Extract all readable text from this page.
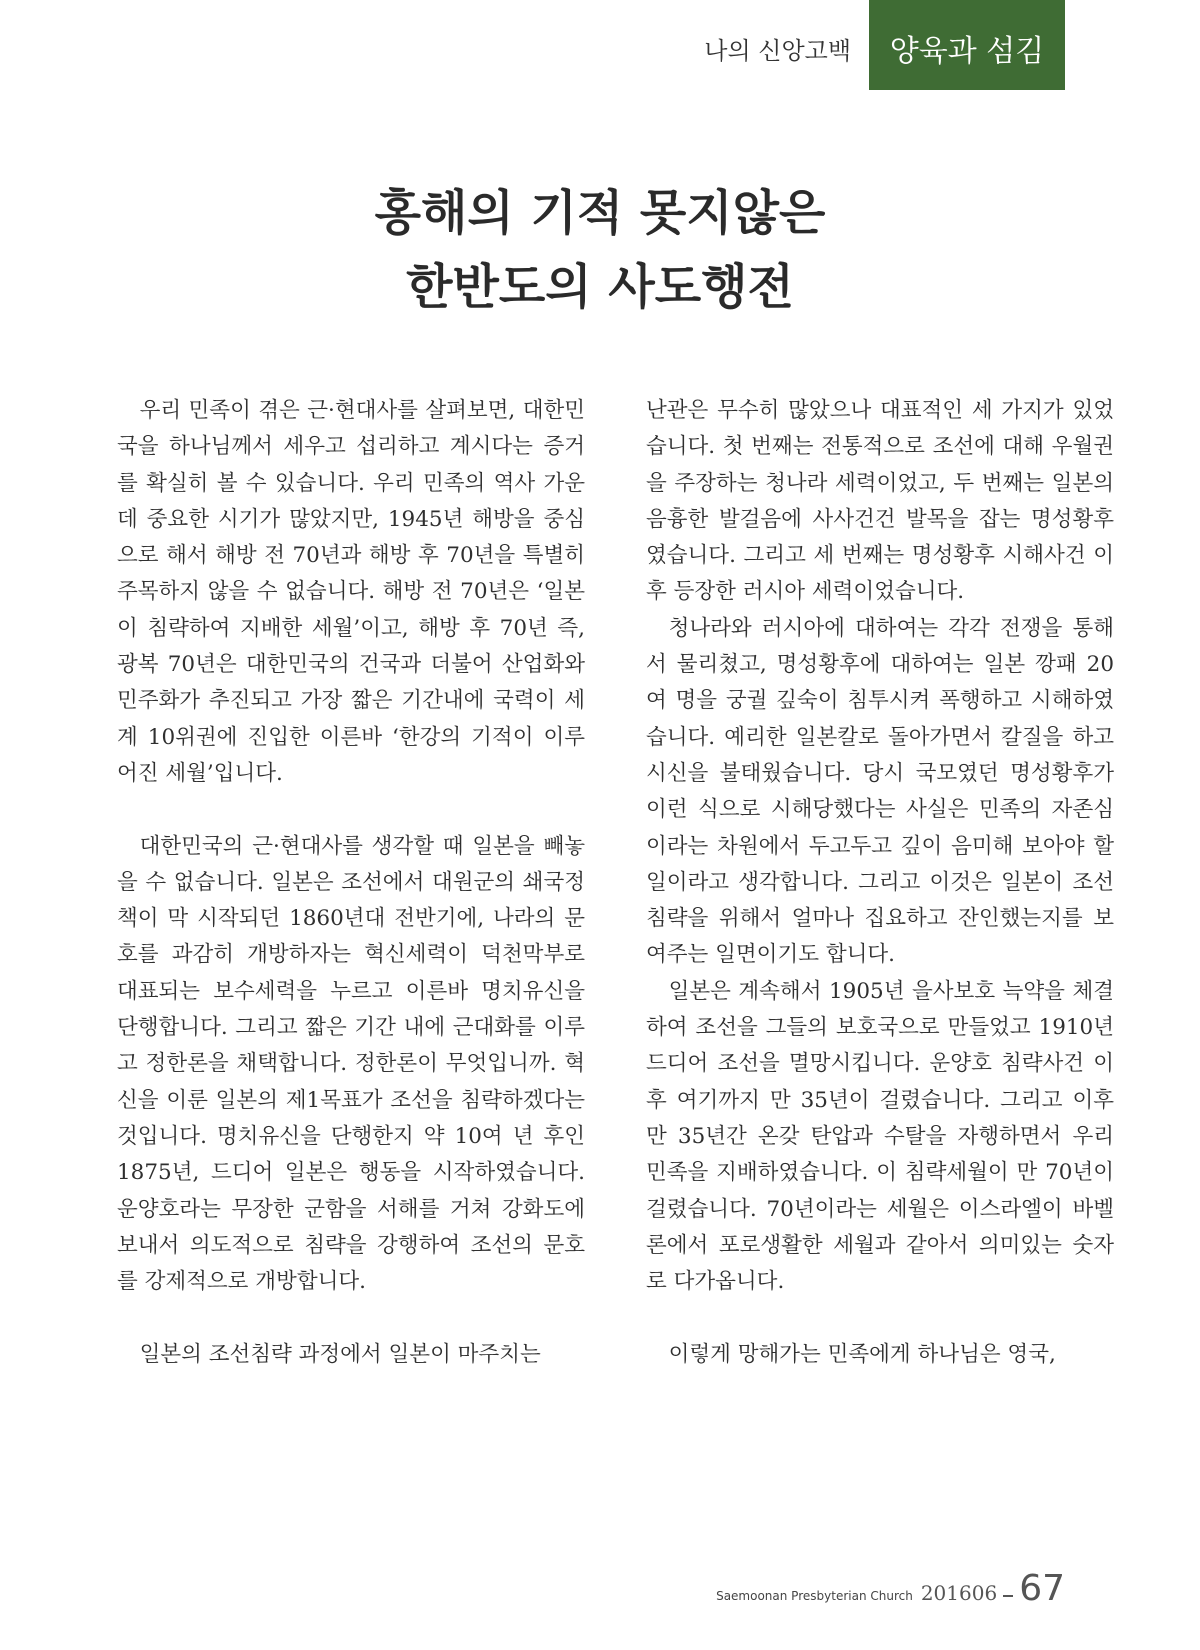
나의 신앙고백	양육과 섬김
홍해의 기적 못지않은
한반도의 사도행전

우리 민족이 겪은 근·현대사를 살펴보면, 대한민국을 하나님께서 세우고 섭리하고 계시다는 증거를 확실히 볼 수 있습니다. 우리 민족의 역사 가운데 중요한 시기가 많았지만, 1945년 해방을 중심으로 해서 해방 전 70년과 해방 후 70년을 특별히 주목하지 않을 수 없습니다. 해방 전 70년은 ‘일본이 침략하여 지배한 세월’이고, 해방 후 70년 즉, 광복 70년은 대한민국의 건국과 더불어 산업화와 민주화가 추진되고 가장 짧은 기간내에 국력이 세계 10위권에 진입한 이른바 ‘한강의 기적이 이루어진 세월’입니다.

대한민국의 근·현대사를 생각할 때 일본을 빼놓을 수 없습니다. 일본은 조선에서 대원군의 쇄국정책이 막 시작되던 1860년대 전반기에, 나라의 문호를 과감히 개방하자는 혁신세력이 덕천막부로 대표되는 보수세력을 누르고 이른바 명치유신을 단행합니다. 그리고 짧은 기간 내에 근대화를 이루고 정한론을 채택합니다. 정한론이 무엇입니까. 혁신을 이룬 일본의 제1목표가 조선을 침략하겠다는 것입니다. 명치유신을 단행한지 약 10여 년 후인 1875년, 드디어 일본은 행동을 시작하였습니다. 운양호라는 무장한 군함을 서해를 거쳐 강화도에 보내서 의도적으로 침략을 강행하여 조선의 문호를 강제적으로 개방합니다.

일본의 조선침략 과정에서 일본이 마주치는

난관은 무수히 많았으나 대표적인 세 가지가 있었습니다. 첫 번째는 전통적으로 조선에 대해 우월권을 주장하는 청나라 세력이었고, 두 번째는 일본의 음흉한 발걸음에 사사건건 발목을 잡는 명성황후였습니다. 그리고 세 번째는 명성황후 시해사건 이후 등장한 러시아 세력이었습니다.

청나라와 러시아에 대하여는 각각 전쟁을 통해서 물리쳤고, 명성황후에 대하여는 일본 깡패 20여 명을 궁궐 깊숙이 침투시켜 폭행하고 시해하였습니다. 예리한 일본칼로 돌아가면서 칼질을 하고 시신을 불태웠습니다. 당시 국모였던 명성황후가 이런 식으로 시해당했다는 사실은 민족의 자존심이라는 차원에서 두고두고 깊이 음미해 보아야 할 일이라고 생각합니다. 그리고 이것은 일본이 조선침략을 위해서 얼마나 집요하고 잔인했는지를 보여주는 일면이기도 합니다.

일본은 계속해서 1905년 을사보호 늑약을 체결하여 조선을 그들의 보호국으로 만들었고 1910년 드디어 조선을 멸망시킵니다. 운양호 침략사건 이후 여기까지 만 35년이 걸렸습니다. 그리고 이후 만 35년간 온갖 탄압과 수탈을 자행하면서 우리 민족을 지배하였습니다. 이 침략세월이 만 70년이 걸렸습니다. 70년이라는 세월은 이스라엘이 바벨론에서 포로생활한 세월과 같아서 의미있는 숫자로 다가옵니다.

이렇게 망해가는 민족에게 하나님은 영국,

Saemoonan Presbyterian Church 201606 67
